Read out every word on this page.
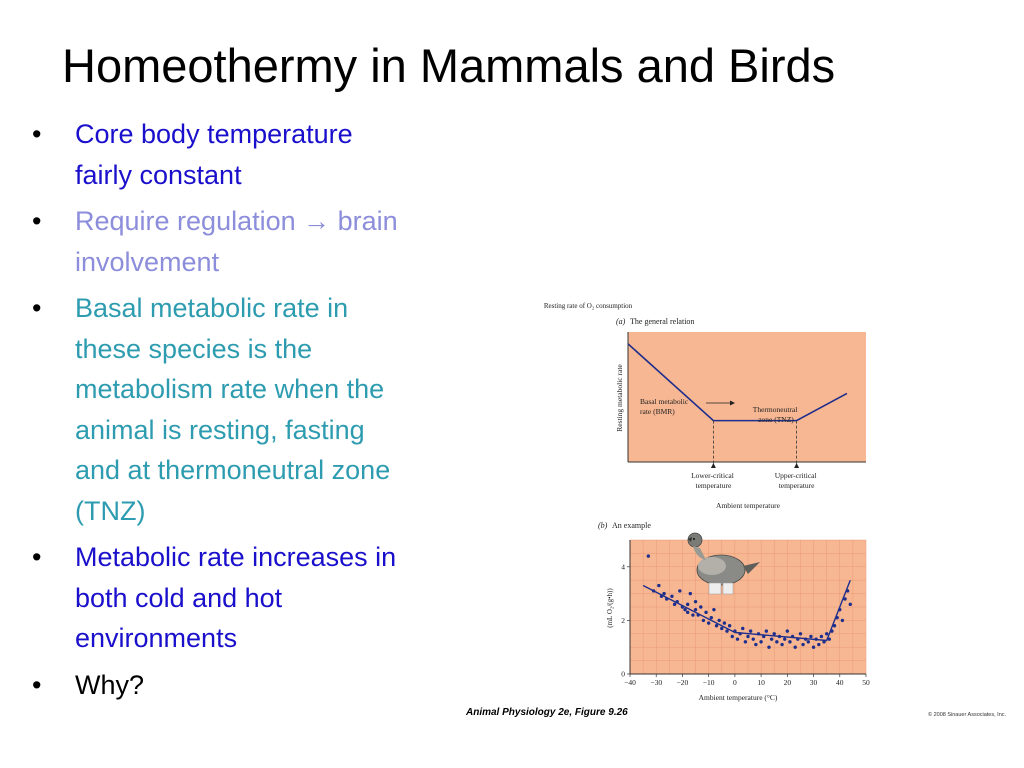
Homeothermy in Mammals and Birds
• Core body temperature
fairly constant
• Require regulation → brain
involvement
• Basal metabolic rate in
these species is the
metabolism rate when the
animal is resting, fasting
and at thermoneutral zone
(TNZ)
• Metabolic rate increases in
both cold and hot
environments
• Why?
(a) The general relation
Resting metabolic rate Basal metabolic rate (BMR)	Thermoneutral zone (TNZ)
Lower-critical temperature
Upper-critical temperature
Ambient temperature
(b) An example
−40 −30 −20 −10 0	10 20 30 40 50
0
2
4
Resting rate of O₂ consumption
(mL O₂/(g•h))
Ambient temperature (°C)
Animal Physiology 2e, Figure 9.26	© 2008 Sinauer Associates, Inc.
